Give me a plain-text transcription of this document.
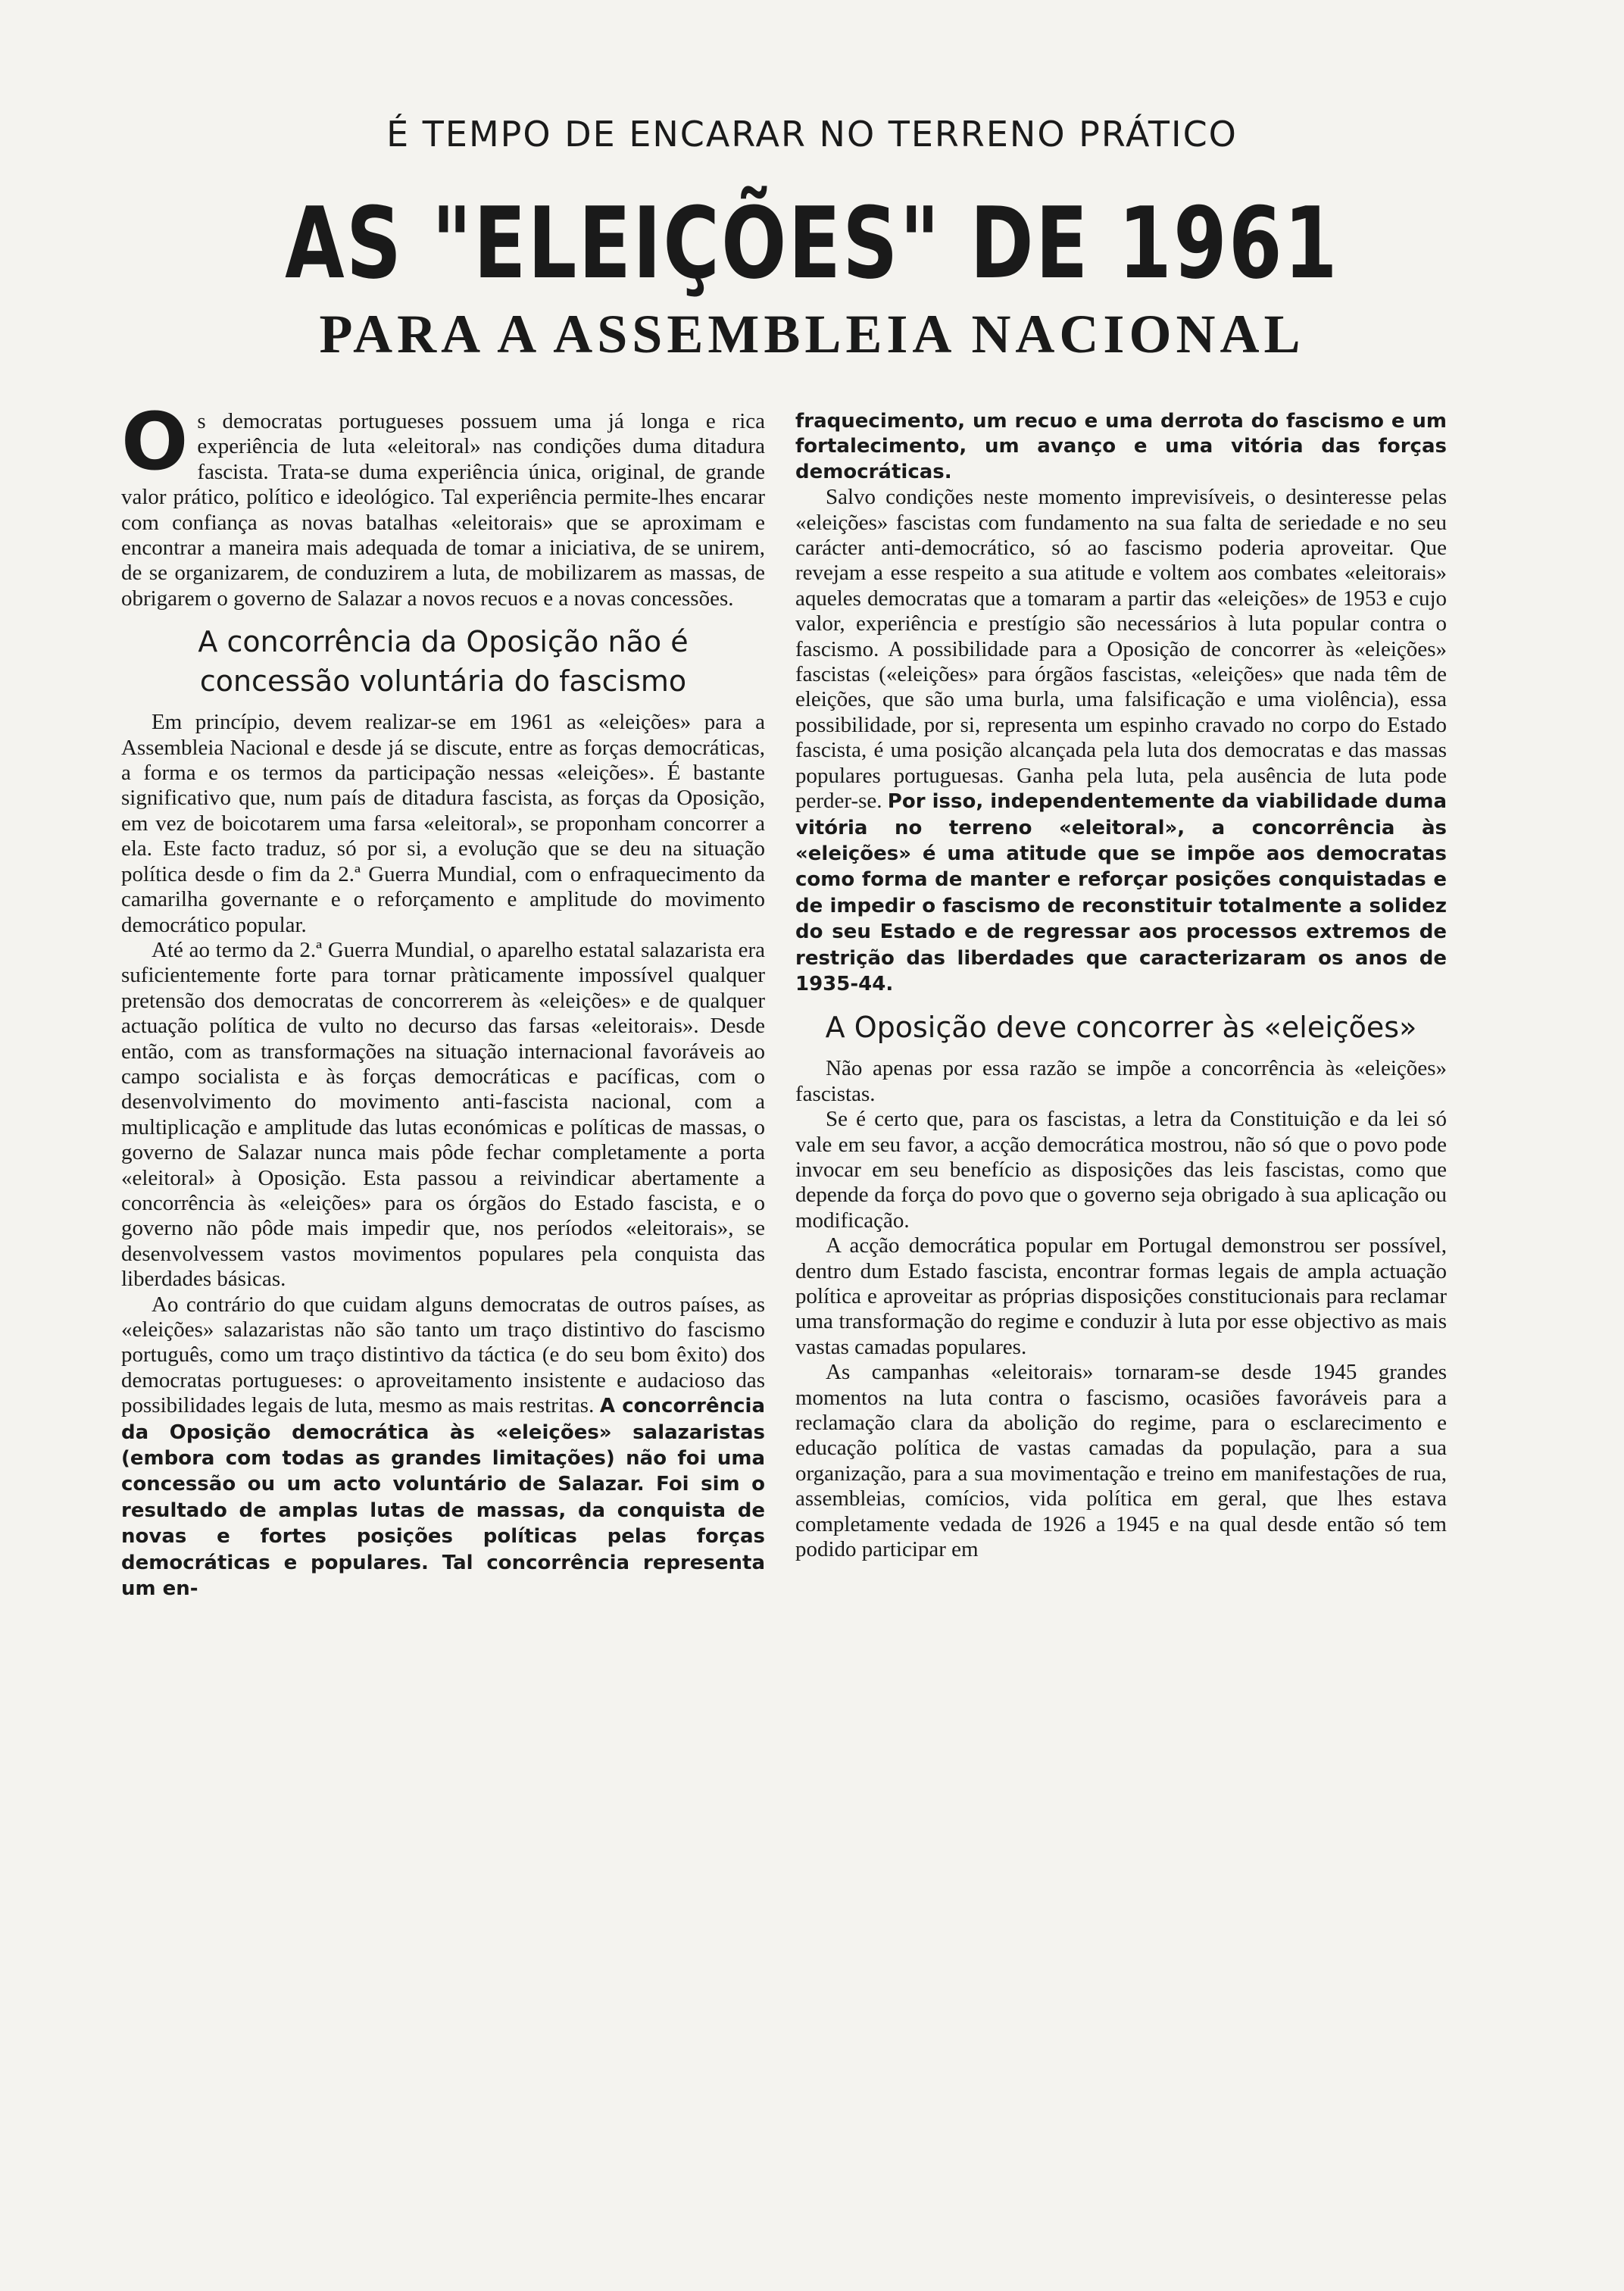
É TEMPO DE ENCARAR NO TERRENO PRÁTICO
AS "ELEIÇÕES" DE 1961
PARA A ASSEMBLEIA NACIONAL

Os democratas portugueses possuem uma já longa e rica experiência de luta «eleitoral» nas condições duma ditadura fascista. Trata-se duma experiência única, original, de grande valor prático, político e ideológico. Tal experiência permite-lhes encarar com confiança as novas batalhas «eleitorais» que se aproximam e encontrar a maneira mais adequada de tomar a iniciativa, de se unirem, de se organizarem, de conduzirem a luta, de mobilizarem as massas, de obrigarem o governo de Salazar a novos recuos e a novas concessões.

A concorrência da Oposição não é concessão voluntária do fascismo

Em princípio, devem realizar-se em 1961 as «eleições» para a Assembleia Nacional e desde já se discute, entre as forças democráticas, a forma e os termos da participação nessas «eleições». É bastante significativo que, num país de ditadura fascista, as forças da Oposição, em vez de boicotarem uma farsa «eleitoral», se proponham concorrer a ela. Este facto traduz, só por si, a evolução que se deu na situação política desde o fim da 2.ª Guerra Mundial, com o enfraquecimento da camarilha governante e o reforçamento e amplitude do movimento democrático popular.

Até ao termo da 2.ª Guerra Mundial, o aparelho estatal salazarista era suficientemente forte para tornar pràticamente impossível qualquer pretensão dos democratas de concorrerem às «eleições» e de qualquer actuação política de vulto no decurso das farsas «eleitorais». Desde então, com as transformações na situação internacional favoráveis ao campo socialista e às forças democráticas e pacíficas, com o desenvolvimento do movimento anti-fascista nacional, com a multiplicação e amplitude das lutas económicas e políticas de massas, o governo de Salazar nunca mais pôde fechar completamente a porta «eleitoral» à Oposição. Esta passou a reivindicar abertamente a concorrência às «eleições» para os órgãos do Estado fascista, e o governo não pôde mais impedir que, nos períodos «eleitorais», se desenvolvessem vastos movimentos populares pela conquista das liberdades básicas.

Ao contrário do que cuidam alguns democratas de outros países, as «eleições» salazaristas não são tanto um traço distintivo do fascismo português, como um traço distintivo da táctica (e do seu bom êxito) dos democratas portugueses: o aproveitamento insistente e audacioso das possibilidades legais de luta, mesmo as mais restritas. A concorrência da Oposição democrática às «eleições» salazaristas (embora com todas as grandes limitações) não foi uma concessão ou um acto voluntário de Salazar. Foi sim o resultado de amplas lutas de massas, da conquista de novas e fortes posições políticas pelas forças democráticas e populares. Tal concorrência representa um en-

fraquecimento, um recuo e uma derrota do fascismo e um fortalecimento, um avanço e uma vitória das forças democráticas.

Salvo condições neste momento imprevisíveis, o desinteresse pelas «eleições» fascistas com fundamento na sua falta de seriedade e no seu carácter anti-democrático, só ao fascismo poderia aproveitar. Que revejam a esse respeito a sua atitude e voltem aos combates «eleitorais» aqueles democratas que a tomaram a partir das «eleições» de 1953 e cujo valor, experiência e prestígio são necessários à luta popular contra o fascismo. A possibilidade para a Oposição de concorrer às «eleições» fascistas («eleições» para órgãos fascistas, «eleições» que nada têm de eleições, que são uma burla, uma falsificação e uma violência), essa possibilidade, por si, representa um espinho cravado no corpo do Estado fascista, é uma posição alcançada pela luta dos democratas e das massas populares portuguesas. Ganha pela luta, pela ausência de luta pode perder-se. Por isso, independentemente da viabilidade duma vitória no terreno «eleitoral», a concorrência às «eleições» é uma atitude que se impõe aos democratas como forma de manter e reforçar posições conquistadas e de impedir o fascismo de reconstituir totalmente a solidez do seu Estado e de regressar aos processos extremos de restrição das liberdades que caracterizaram os anos de 1935-44.

A Oposição deve concorrer às «eleições»

Não apenas por essa razão se impõe a concorrência às «eleições» fascistas.

Se é certo que, para os fascistas, a letra da Constituição e da lei só vale em seu favor, a acção democrática mostrou, não só que o povo pode invocar em seu benefício as disposições das leis fascistas, como que depende da força do povo que o governo seja obrigado à sua aplicação ou modificação.

A acção democrática popular em Portugal demonstrou ser possível, dentro dum Estado fascista, encontrar formas legais de ampla actuação política e aproveitar as próprias disposições constitucionais para reclamar uma transformação do regime e conduzir à luta por esse objectivo as mais vastas camadas populares.

As campanhas «eleitorais» tornaram-se desde 1945 grandes momentos na luta contra o fascismo, ocasiões favoráveis para a reclamação clara da abolição do regime, para o esclarecimento e educação política de vastas camadas da população, para a sua organização, para a sua movimentação e treino em manifestações de rua, assembleias, comícios, vida política em geral, que lhes estava completamente vedada de 1926 a 1945 e na qual desde então só tem podido participar em
